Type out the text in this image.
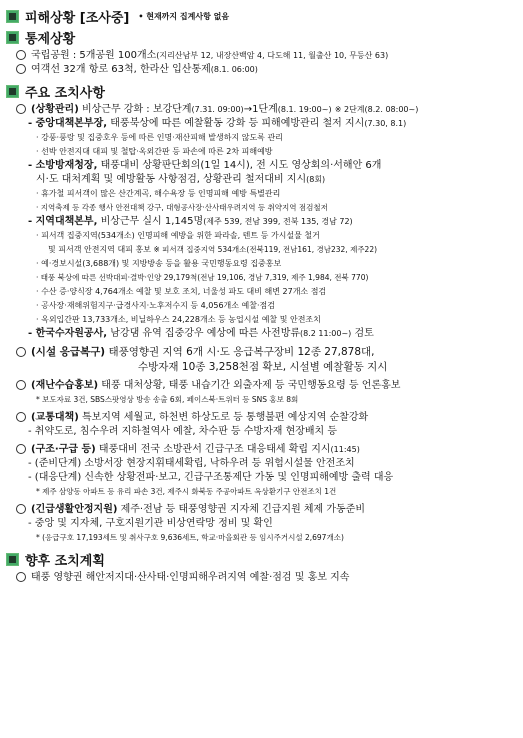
피해상황 [조사중] • 현재까지 집계사항 없음
통제상황
국립공원 : 5개공원 100개소(지리산남부 12, 내장산백암 4, 다도해 11, 월출산 10, 무등산 63)
여객선 32개 항로 63척, 한라산 입산통제(8.1. 06:00)
주요 조치사항
(상황관리) 비상근무 강화 : 보강단계(7.31. 09:00)→1단계(8.1. 19:00~) ※ 2단계(8.2. 08:00~)
- 중앙대책본부장, 태풍북상에 따른 예찰활동 강화 등 피해예방관리 철저 지시(7.30, 8.1)
· 강풍·풍랑 및 집중호우 등에 따른 인명·재산피해 발생하지 않도록 관리
· 선박 안전지대 대피 및 철탑·옥외간판 등 파손에 따른 2차 피해예방
- 소방방재청장, 태풍대비 상황판단회의(1일 14시), 전 시도 영상회의·서해안 6개
시·도 대처계획 및 예방활동 사항점검, 상황관리 철저대비 지시(8회)
· 휴가철 피서객이 많은 산간계곡, 해수욕장 등 인명피해 예방 특별관리
· 지역축제 등 각종 행사 안전대책 강구, 대형공사장·산사태우려지역 등 취약지역 점검철저
- 지역대책본부, 비상근무 실시 1,145명(제주 539, 전남 399, 전북 135, 경남 72)
· 피서객 집중지역(534개소) 인명피해 예방을 위한 파라솔, 텐트 등 가시설물 철거
및 피서객 안전지역 대피 홍보 ※ 피서객 집중지역 534개소(전북119, 전남161, 경남232, 제주22)
· 예·경보시설(3,688개) 및 지방방송 등을 활용 국민행동요령 집중홍보
· 태풍 북상에 따른 선박대피·결박·인양 29,179척(전남 19,106, 경남 7,319, 제주 1,984, 전북 770)
· 수산 증·양식장 4,764개소 예찰 및 보호 조치, 너울성 파도 대비 해변 27개소 점검
· 공사장·재해위험지구·급경사지·노후저수지 등 4,056개소 예찰·점검
· 옥외입간판 13,733개소, 비닐하우스 24,228개소 등 농업시설 예찰 및 안전조치
- 한국수자원공사, 남강댐 유역 집중강우 예상에 따른 사전방류(8.2 11:00~) 검토
(시설 응급복구) 태풍영향권 지역 6개 시·도 응급복구장비 12종 27,878대,
수방자재 10종 3,258천점 확보, 시설별 예찰활동 지시
(재난수습홍보) 태풍 대처상황, 태풍 내습기간 외출자제 등 국민행동요령 등 언론홍보
* 보도자료 3건, SBS스팟영상 방송 송출 6회, 페이스북·트위터 등 SNS 홍보 8회
(교통대책) 특보지역 세월교, 하천변 하상도로 등 통행불편 예상지역 순찰강화
- 취약도로, 침수우려 지하철역사 예찰, 차수판 등 수방자재 현장배치 등
(구조·구급 등) 태풍대비 전국 소방관서 긴급구조 대응태세 확립 지시(11:45)
- (준비단계) 소방서장 현장지휘태세확립, 낙하우려 등 위험시설물 안전조치
- (대응단계) 신속한 상황전파·보고, 긴급구조통제단 가동 및 인명피해예방 출력 대응
* 제주 삼양동 아파트 등 유리 파손 3건, 제주시 화북동 주공아파트 옥상환기구 안전조치 1건
(긴급생활안정지원) 제주·전남 등 태풍영향권 지자체 긴급지원 체제 가동준비
- 중앙 및 지자체, 구호지원기관 비상연락망 정비 및 확인
* (응급구호 17,193세트 및 취사구호 9,636세트, 학교·마을회관 등 임시주거시설 2,697개소)
향후 조치계획
태풍 영향권 해안저지대·산사태·인명피해우려지역 예찰·점검 및 홍보 지속
